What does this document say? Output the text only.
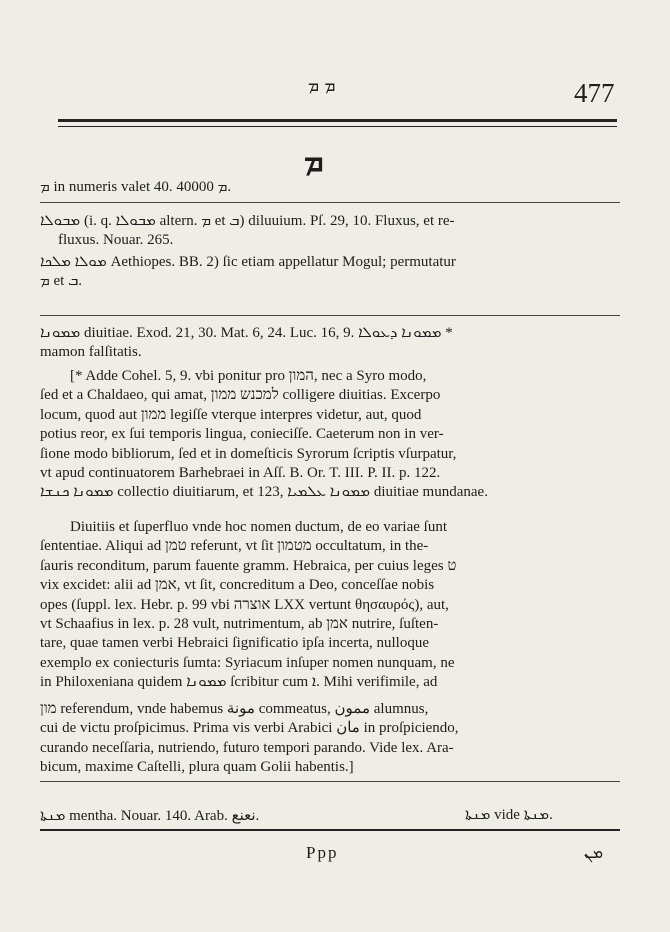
ܡ ܡ	477
ܡ

ܡ in numeris valet 40. ܡ 40000.

ܡܒܘܠܐ (i. q. ܡܒܘܠܐ altern. ܡ et ܒ) diluuium. Pſ. 29, 10. Fluxus, et re-
fluxus. Nouar. 265.

ܡܘܠܐ ܡܠܟܐ Aethiopes. BB. 2) ſic etiam appellatur Mogul; permutatur
ܡ et ܒ.

ܡܡܘܢܐ diuitiae. Exod. 21, 30. Mat. 6, 24. Luc. 16, 9. ܡܡܘܢܐ ܕܥܘܠܐ *
mamon falſitatis.

[* Adde Cohel. 5, 9. vbi ponitur pro המון, nec a Syro modo,
ſed et a Chaldaeo, qui amat, למכנש ממון colligere diuitias. Excerpo
locum, quod aut ממון legiſſe vterque interpres videtur, aut, quod
potius reor, ex ſui temporis lingua, conieciſſe. Caeterum non in ver-
ſione modo bibliorum, ſed et in domeſticis Syrorum ſcriptis vſurpatur,
vt apud continuatorem Barhebraei in Aſſ. B. Or. T. III. P. II. p. 122.
ܡܡܘܢܐ ܟܢܫܐ collectio diuitiarum, et 123, ܡܡܘܢܐ ܥܠܡܝܐ diuitiae mundanae.

Diuitiis et ſuperfluo vnde hoc nomen ductum, de eo variae ſunt
ſententiae. Aliqui ad טמן referunt, vt ſit מטמון occultatum, in the-
ſauris reconditum, parum fauente gramm. Hebraica, per cuius leges ט
vix excidet: alii ad אמן, vt ſit, concreditum a Deo, conceſſae nobis
opes (ſuppl. lex. Hebr. p. 99 vbi אוצרה LXX vertunt θησαυρός), aut,
vt Schaafius in lex. p. 28 vult, nutrimentum, ab אמן nutrire, ſuſten-
tare, quae tamen verbi Hebraici ſignificatio ipſa incerta, nulloque
exemplo ex coniecturis ſumta: Syriacum inſuper nomen nunquam, ne
in Philoxeniana quidem ܡܡܘܢܐ ſcribitur cum ܐ. Mihi verifimile, ad

מון referendum, vnde habemus مونة commeatus, ممون alumnus,
cui de victu proſpicimus. Prima vis verbi Arabici مان in proſpiciendo,
curando neceſſaria, nutriendo, futuro tempori parando. Vide lex. Ara-
bicum, maxime Caſtelli, plura quam Golii habentis.]

ܡܢܬܐ mentha. Nouar. 140. Arab. نعنع.	ܡܢܬܐ vide ܡܢܬܐ.
Ppp	ܡܢ
